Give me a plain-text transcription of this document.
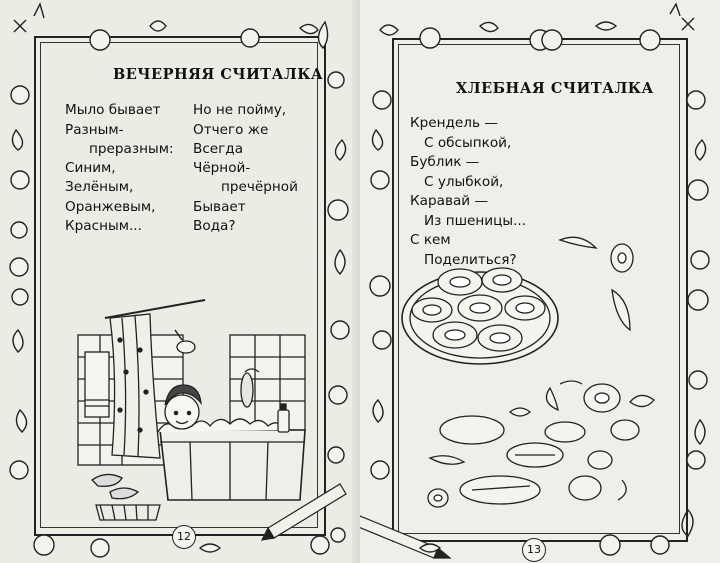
ВЕЧЕРНЯЯ СЧИТАЛКА
Мыло бывает
Разным-
преразным:
Синим,
Зелёным,
Оранжевым,
Красным...
Но не пойму,
Отчего же
Всегда
Чёрной-
пречёрной
Бывает
Вода?
12
ХЛЕБНАЯ СЧИТАЛКА
Крендель —
С обсыпкой,
Бублик —
С улыбкой,
Каравай —
Из пшеницы...
С кем
Поделиться?
13
